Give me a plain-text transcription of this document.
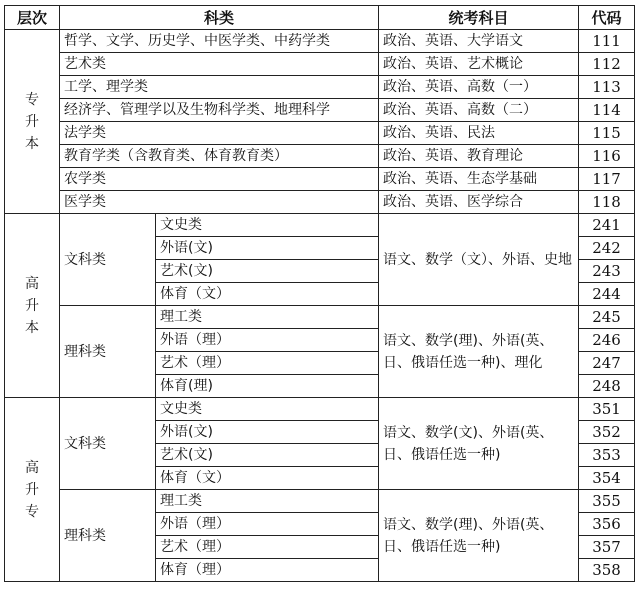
层次	科类		统考科目	代码

专升本	哲学、文学、历史学、中医学类、中药学类		政治、英语、大学语文	111
	艺术类		政治、英语、艺术概论	112
	工学、理学类		政治、英语、高数（一）	113
	经济学、管理学以及生物科学类、地理科学		政治、英语、高数（二）	114
	法学类		政治、英语、民法	115
	教育学类（含教育类、体育教育类）		政治、英语、教育理论	116
	农学类		政治、英语、生态学基础	117
	医学类		政治、英语、医学综合	118

高升本	文科类	文史类	语文、数学（文）、外语、史地	241
		外语(文)		242
		艺术(文)		243
		体育（文）		244
	理科类	理工类	语文、数学(理)、外语(英、日、俄语任选一种)、理化	245
		外语（理）		246
		艺术（理）		247
		体育(理)		248

高升专	文科类	文史类	语文、数学(文)、外语(英、日、俄语任选一种)	351
		外语(文)		352
		艺术(文)		353
		体育（文）		354
	理科类	理工类	语文、数学(理)、外语(英、日、俄语任选一种)	355
		外语（理）		356
		艺术（理）		357
		体育（理）		358
